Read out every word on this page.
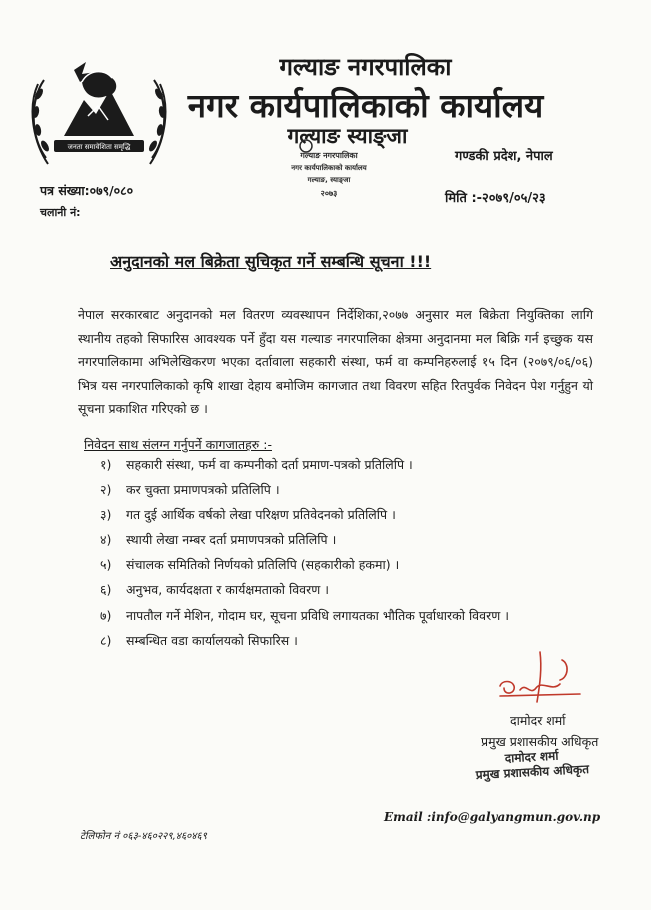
जनता समावेशिता समृद्धि
गल्याङ नगरपालिका
नगर कार्यपालिकाको कार्यालय
गल्याङ स्याङ्जा
गल्याङ नगरपालिका
नगर कार्यपालिकाको कार्यालय
गल्याङ, स्याङ्जा
२०७३
गण्डकी प्रदेश, नेपाल
मिति :-२०७९/०५/२३
पत्र संख्या:०७९/०८०
चलानी नं:
अनुदानको मल बिक्रेता सुचिकृत गर्ने सम्बन्धि सूचना !!!
नेपाल सरकारबाट अनुदानको मल वितरण व्यवस्थापन निर्देशिका,२०७७ अनुसार मल बिक्रेता नियुक्तिका लागि स्थानीय तहको सिफारिस आवश्यक पर्ने हुँदा यस गल्याङ नगरपालिका क्षेत्रमा अनुदानमा मल बिक्रि गर्न इच्छुक यस नगरपालिकामा अभिलेखिकरण भएका दर्तावाला सहकारी संस्था, फर्म वा कम्पनिहरुलाई १५ दिन (२०७९/०६/०६) भित्र यस नगरपालिकाको कृषि शाखा देहाय बमोजिम कागजात तथा विवरण सहित रितपुर्वक निवेदन पेश गर्नुहुन यो सूचना प्रकाशित गरिएको छ ।
निवेदन साथ संलग्न गर्नुपर्ने कागजातहरु :-
१) सहकारी संस्था, फर्म वा कम्पनीको दर्ता प्रमाण-पत्रको प्रतिलिपि ।
२) कर चुक्ता प्रमाणपत्रको प्रतिलिपि ।
३) गत दुई आर्थिक वर्षको लेखा परिक्षण प्रतिवेदनको प्रतिलिपि ।
४) स्थायी लेखा नम्बर दर्ता प्रमाणपत्रको प्रतिलिपि ।
५) संचालक समितिको निर्णयको प्रतिलिपि (सहकारीको हकमा) ।
६) अनुभव, कार्यदक्षता र कार्यक्षमताको विवरण ।
७) नापतौल गर्ने मेशिन, गोदाम घर, सूचना प्रविधि लगायतका भौतिक पूर्वाधारको विवरण ।
८) सम्बन्धित वडा कार्यालयको सिफारिस ।
दामोदर शर्मा
प्रमुख प्रशासकीय अधिकृत
दामोदर शर्मा
प्रमुख प्रशासकीय अधिकृत
Email :info@galyangmun.gov.np
टेलिफोन नं ०६३-४६०२२९,४६०४६९
